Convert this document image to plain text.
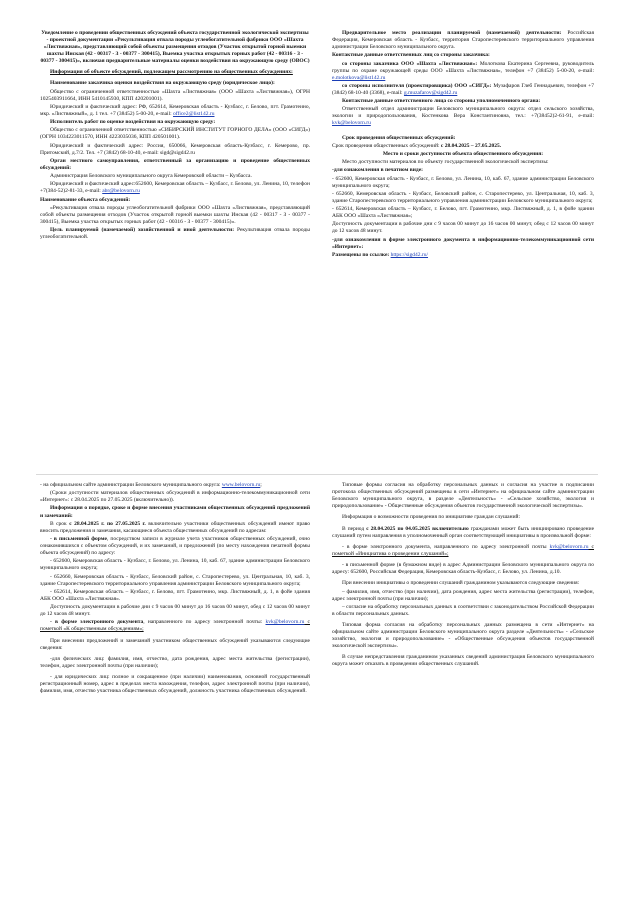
Уведомление о проведении общественных обсуждений объекта государственной экологической экспертизы - проектной документации «Рекультивация отвала породы углеобогатительной фабрики ООО «Шахта «Листвяжная», представляющий собой объекты размещения отходов (Участок открытой горной выемки шахты Инская (42 - 00317 - З - 00377 - 300415), Выемка участка открытых горных работ (42 - 00316 - З - 00377 - 300415)», включая предварительные материалы оценки воздействия на окружающую среду (ОВОС)

Информация об объекте обсуждений, подлежащем рассмотрению на общественных обсуждениях:

Наименование заказчика оценки воздействия на окружающую среду (юридическое лицо):

Общество с ограниченной ответственностью «Шахта «Листвяжная» (ООО «Шахта «Листвяжная»), ОГРН 1025403911664, ИНН 5410145930, КПП 420201001).

Юридический и фактический адрес: РФ, 652614, Кемеровская область - Кузбасс, г. Белово, пгт. Грамотеино, мкр. «Листвяжный», д. 1 тел. +7 (38452) 5-00-20, e-mail: office2@list142.ru

Исполнитель работ по оценке воздействия на окружающую среду:

Общество с ограниченной ответственностью «СИБИРСКИЙ ИНСТИТУТ ГОРНОГО ДЕЛА» (ООО «СИГД») (ОГРН 1034223011570, ИНН 4223035036, КПП 420501001).

Юридический и фактический адрес: Россия, 650066, Кемеровская область-Кузбасс, г. Кемерово, пр. Притомский, д.7/2. Тел. +7 (3842) 68-10-40, e-mail: sigd@sigd42.ru

Орган местного самоуправления, ответственный за организацию и проведение общественных обсуждений:

Администрация Беловского муниципального округа Кемеровской области – Кузбасса.

Юридический и фактический адрес:652600, Кемеровская область – Кузбасс, г. Белово, ул. Ленина, 10, телефон +7(384-52)2-81-33, e-mail: abr@belovorn.ru

Наименование объекта обсуждений:

«Рекультивация отвала породы углеобогатительной фабрики ООО «Шахта «Листвяжная», представляющий собой объекты размещения отходов (Участок открытой горной выемки шахты Инская (42 - 00317 - З - 00377 - 300415), Выемка участка открытых горных работ (42 - 00316 - З - 00377 - 300415)».

Цель планируемой (намечаемой) хозяйственной и иной деятельности: Рекультивация отвала породы углеобогатительной.

Предварительное место реализации планируемой (намечаемой) деятельности: Российская Федерация, Кемеровская область - Кузбасс, территория Старопестеревского территориального управления администрации Беловского муниципального округа.

Контактные данные ответственных лиц со стороны заказчика:

со стороны заказчика ООО «Шахта «Листвяжная»: Молоткова Екатерина Сергеевна, руководитель группы по охране окружающей среды ООО «Шахта «Листвяжная», телефон +7 (38452) 5-00-20, e-mail: e.molotkova@list142.ru

со стороны исполнителя (проектировщика) ООО «СИГД»: Музафаров Глеб Геннадьевич, телефон +7 (3842) 68-10-40 (3368), e-mail: g.muzafarov@sigd42.ru

Контактные данные ответственного лица со стороны уполномоченного органа:

Ответственный отдел администрации Беловского муниципального округа: отдел сельского хозяйства, экологии и природопользования, Костенкова Вера Константиновна, тел.: +7(38452)2-61-91, e-mail: kvk@belovorn.ru

Срок проведения общественных обсуждений:

Срок проведения общественных обсуждений: с 28.04.2025 – 27.05.2025.

Место и сроки доступности объекта общественного обсуждения:

Место доступности материалов по объекту государственной экологической экспертизы:

-для ознакомления в печатном виде:

- 652600, Кемеровская область - Кузбасс, г. Белово, ул. Ленина, 10, каб. 67, здание администрации Беловского муниципального округа;

- 652660, Кемеровская область - Кузбасс, Беловский район, с. Старопестерево, ул. Центральная, 10, каб. 3, здание Старопестеревского территориального управления администрации Беловского муниципального округа;

- 652614, Кемеровская область – Кузбасс, г. Белово, пгт. Грамотеино, мкр. Листвяжный, д. 1, в фойе здании АБК ООО «Шахта «Листвяжная»;

Доступность документации в рабочие дни с 9 часов 00 минут до 16 часов 00 минут, обед с 12 часов 00 минут до 12 часов 48 минут.

-для ознакомления в форме электронного документа в информационно-телекоммуникационной сети «Интернет»:

Размещены по ссылке: https://sigd42.ru/

- на официальном сайте администрации Беловского муниципального округа: www.belovorn.ru;

(Сроки доступности материалов общественных обсуждений в информационно-телекоммуникационной сети «Интернет»: с 28.04.2025 по 27.05.2025 (включительно)).

Информация о порядке, сроке и форме внесения участниками общественных обсуждений предложений и замечаний:

В срок с 28.04.2025 г. по 27.05.2025 г. включительно участники общественных обсуждений имеют право вносить предложения и замечания, касающиеся объекта общественных обсуждений по адресам:

- в письменной форме, посредством записи в журнале учета участников общественных обсуждений, очно ознакомившихся с объектом обсуждений, и их замечаний, и предложений (по месту нахождения печатной формы объекта обсуждений) по адресу:

- 652600, Кемеровская область - Кузбасс, г. Белово, ул. Ленина, 10, каб. 67, здание администрации Беловского муниципального округа;

- 652660, Кемеровская область - Кузбасс, Беловский район, с. Старопестерево, ул. Центральная, 10, каб. 3, здание Старопестеревского территориального управления администрации Беловского муниципального округа;

- 652614, Кемеровская область – Кузбасс, г. Белово, пгт. Грамотеино, мкр. Листвяжный, д. 1, в фойе здания АБК ООО «Шахта «Листвяжная».

Доступность документации в рабочие дни с 9 часов 00 минут до 16 часов 00 минут, обед с 12 часов 00 минут до 12 часов 48 минут.

- в форме электронного документа, направленного по адресу электронной почты: kvk@belovorn.ru с пометкой «К общественным обсуждениям»;

При внесении предложений и замечаний участником общественных обсуждений указываются следующие сведения:

-для физических лиц: фамилия, имя, отчество, дата рождения, адрес места жительства (регистрации), телефон, адрес электронной почты (при наличии);

- для юридических лиц: полное и сокращенное (при наличии) наименования, основной государственный регистрационный номер, адрес в пределах места нахождения, телефон, адрес электронной почты (при наличии), фамилия, имя, отчество участника общественных обсуждений, должность участника общественных обсуждений.

Типовые формы согласия на обработку персональных данных и согласия на участие в подписании протокола общественных обсуждений размещены в сети «Интернет» на официальном сайте администрации Беловского муниципального округа, в разделе «Деятельность» - «Сельское хозяйство, экология и природопользование» - Общественные обсуждения объектов государственной экологической экспертизы».

Информация о возможности проведения по инициативе граждан слушаний:

В период с 28.04.2025 по 04.05.2025 включительно гражданами может быть инициировано проведение слушаний путем направления в уполномоченный орган соответствующей инициативы в произвольной форме:

- в форме электронного документа, направленного по адресу электронной почты kvk@belovorn.ru с пометкой «Инициатива о проведении слушаний»;

- в письменной форме (в бумажном виде) в адрес Администрации Беловского муниципального округа по адресу: 652600, Российская Федерация, Кемеровская область-Кузбасс, г. Белово, ул. Ленина, д.10.

При внесении инициативы о проведении слушаний гражданином указываются следующие сведения:

– фамилия, имя, отчество (при наличии), дата рождения, адрес места жительства (регистрации), телефон, адрес электронной почты (при наличии);

– согласие на обработку персональных данных в соответствии с законодательством Российской Федерации в области персональных данных.

Типовая форма согласия на обработку персональных данных размещена в сети «Интернет» на официальном сайте администрации Беловского муниципального округа разделе «Деятельность» - «Сельское хозяйство, экология и природопользование» - «Общественные обсуждения объектов государственной экологической экспертизы».

В случае непредставления гражданином указанных сведений администрация Беловского муниципального округа может отказать в проведении общественных слушаний.
